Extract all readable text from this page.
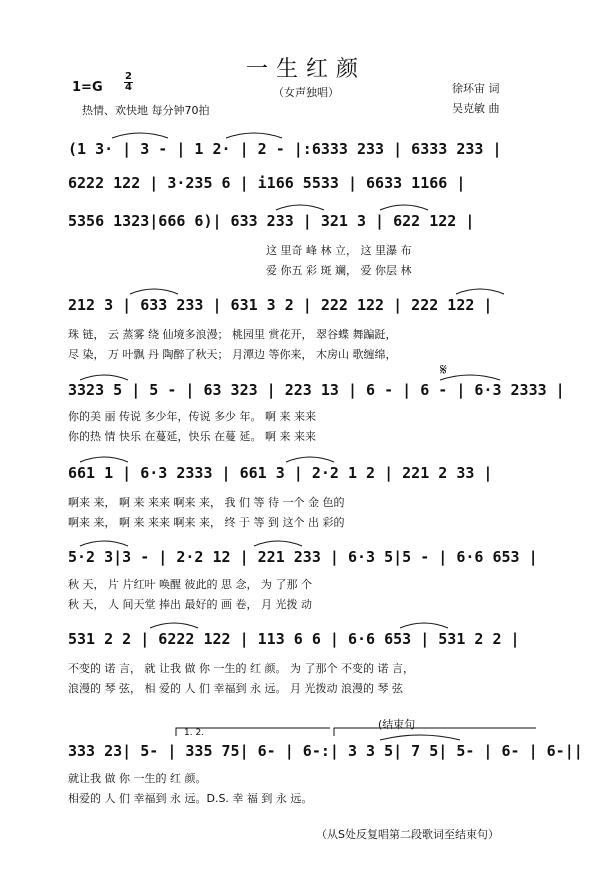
一生红颜
（女声独唱）
1=G
2
4
热情、欢快地 每分钟70拍
徐环宙 词
吴克敏 曲
(1 3· | 3 - | 1 2· | 2 - |:6333 233 | 6333 233 |
6222 122 | 3·235 6 | i166 5533 | 6633 1166 |
5356 1323|666 6)| 633 233 | 321 3 | 622 122 |
这 里奇 峰 林 立， 这 里瀑 布
爱 你五 彩 斑 斓， 爱 你层 林
212 3 | 633 233 | 631 3 2 | 222 122 | 222 122 |
珠 链， 云 蒸雾 绕 仙境多浪漫； 桃园里 赏花开， 翠谷蝶 舞蹁跹，
尽 染， 万 叶飘 丹 陶醉了秋天； 月潭边 等你来， 木房山 歌缠绵，
3323 5 | 5 - | 63 323 | 223 13 | 6 - | 6 - | 6·3 2333 |
你的美 丽 传说 多少年，传说 多少 年。 啊 来 来来
你的热 情 快乐 在蔓延，快乐 在蔓 延。 啊 来 来来
661 1 | 6·3 2333 | 661 3 | 2·2 1 2 | 221 2 33 |
啊来 来， 啊 来 来来 啊来 来， 我 们 等 待 一个 金 色的
啊来 来， 啊 来 来来 啊来 来， 终 于 等 到 这个 出 彩的
5·2 3|3 - | 2·2 12 | 221 233 | 6·3 5|5 - | 6·6 653 |
秋 天， 片 片红叶 唤醒 彼此的 思 念， 为 了那 个
秋 天， 人 间天堂 捧出 最好的 画 卷， 月 光拨 动
531 2 2 | 6222 122 | 113 6 6 | 6·6 653 | 531 2 2 |
不变的 诺 言， 就 让我 做 你 一生的 红 颜。 为 了那个 不变的 诺 言，
浪漫的 琴 弦， 相 爱的 人 们 幸福到 永 远。 月 光拨动 浪漫的 琴 弦
1. 2.
(结束句
𝄋
333 23| 5- | 335 75| 6- | 6-:| 3 3 5| 7 5| 5- | 6- | 6-||
就让我 做 你 一生的 红 颜。
相爱的 人 们 幸福到 永 远。D.S. 幸 福 到 永 远。
（从S处反复唱第二段歌词至结束句）
